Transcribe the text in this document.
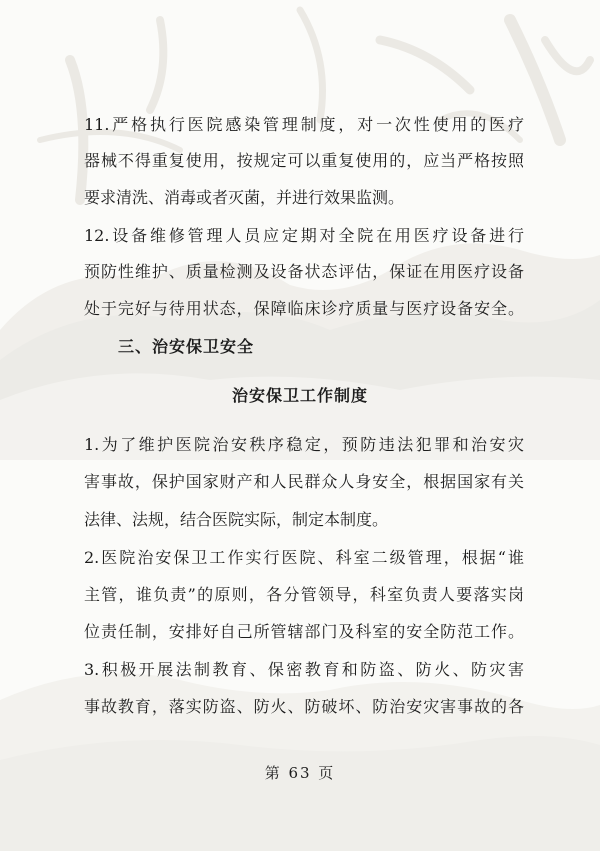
11.严格执行医院感染管理制度，对一次性使用的医疗
器械不得重复使用，按规定可以重复使用的，应当严格按照
要求清洗、消毒或者灭菌，并进行效果监测。
12.设备维修管理人员应定期对全院在用医疗设备进行
预防性维护、质量检测及设备状态评估，保证在用医疗设备
处于完好与待用状态，保障临床诊疗质量与医疗设备安全。
三、治安保卫安全
治安保卫工作制度
1.为了维护医院治安秩序稳定，预防违法犯罪和治安灾
害事故，保护国家财产和人民群众人身安全，根据国家有关
法律、法规，结合医院实际，制定本制度。
2.医院治安保卫工作实行医院、科室二级管理，根据“谁
主管，谁负责”的原则，各分管领导，科室负责人要落实岗
位责任制，安排好自己所管辖部门及科室的安全防范工作。
3.积极开展法制教育、保密教育和防盗、防火、防灾害
事故教育，落实防盗、防火、防破坏、防治安灾害事故的各
第 63 页
